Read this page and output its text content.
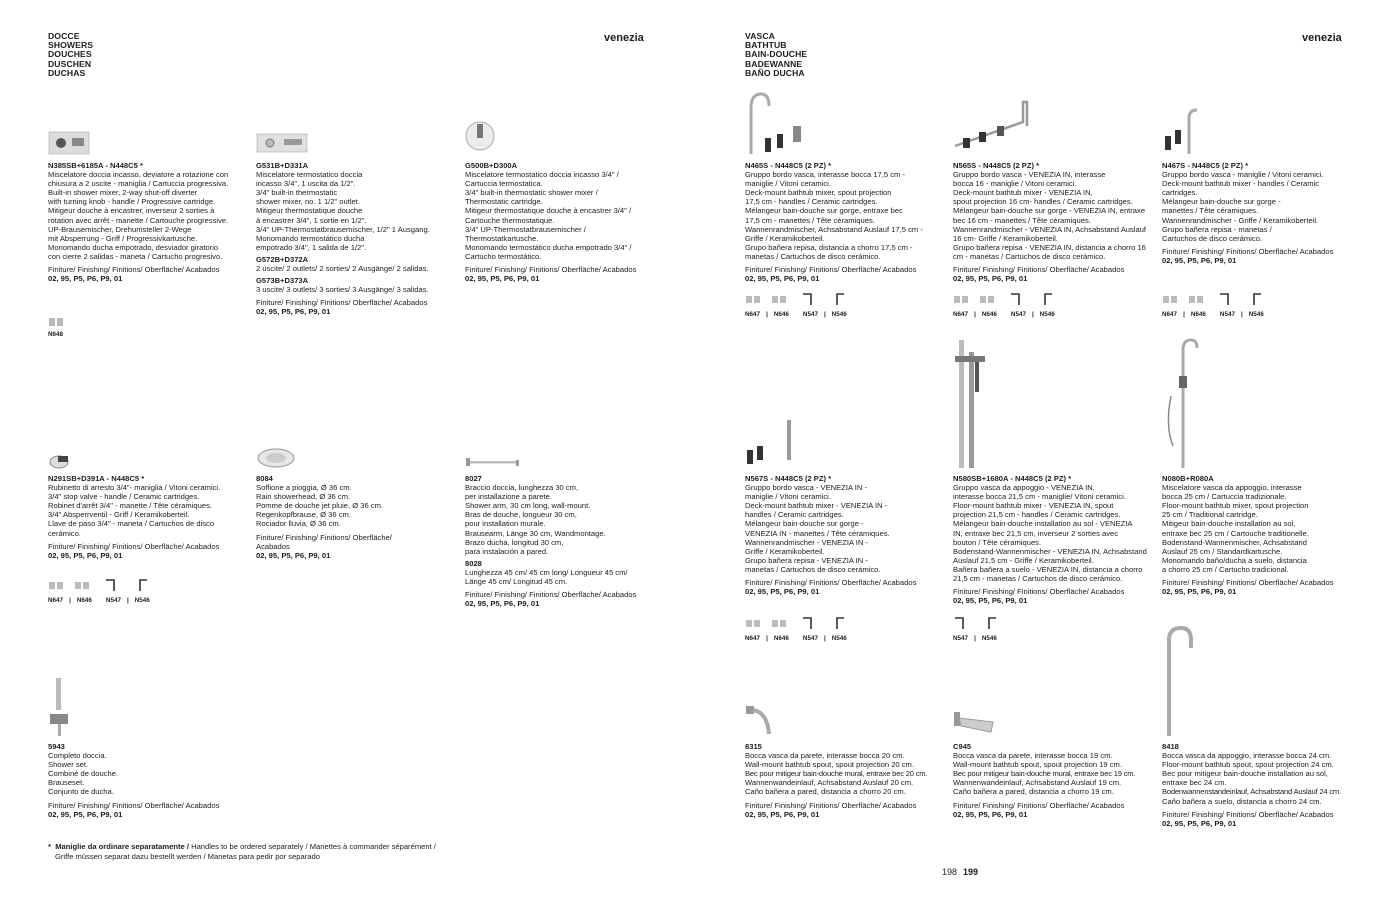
DOCCE
SHOWERS
DOUCHES
DUSCHEN
DUCHAS
venezia
N648
N385SB+6185A - N448C5 *
Miscelatore doccia incasso, deviatore a rotazione con
chiusura a 2 uscite - maniglia / Cartuccia progressiva.
Built-in shower mixer, 2-way shut-off diverter
with turning knob - handle / Progressive cartridge.
Mitigeur douche à encastrer, inverseur 2 sorties à
rotation avec arrêt - manette / Cartouche progressive.
UP-Brausemischer, Drehumsteller 2-Wege
mit Absperrung - Griff / Progressivkartusche.
Monomando ducha empotrado, desviador giratorio
con cierre 2 salidas - maneta / Cartucho progresivo.
Finiture/ Finishing/ Finitions/ Oberfläche/ Acabados
02, 95, P5, P6, P9, 01
G531B+D331A
Miscelatore termostatico doccia
incasso 3/4", 1 uscita da 1/2".
3/4" built-in thermostatic
shower mixer, no. 1 1/2" outlet.
Mitigeur thermostatique douche
à encastrer 3/4", 1 sortie en 1/2".
3/4" UP-Thermostatbrausemischer, 1/2" 1 Ausgang.
Monomando termostático ducha
empotrado 3/4", 1 salida de 1/2".
G572B+D372A
2 uscite/ 2 outlets/ 2 sorties/ 2 Ausgänge/ 2 salidas.
G573B+D373A
3 uscite/ 3 outlets/ 3 sorties/ 3 Ausgänge/ 3 salidas.
Finiture/ Finishing/ Finitions/ Oberfläche/ Acabados
02, 95, P5, P6, P9, 01
G500B+D300A
Miscelatore termostatico doccia incasso 3/4" /
Cartuccia termostatica.
3/4" built-in thermostatic shower mixer /
Thermostatic cartridge.
Mitigeur thermostatique douche à encastrer 3/4" /
Cartouche thermostatique.
3/4" UP-Thermostatbrausemischer /
Thermostatkartusche.
Monomando termostático ducha empotrado 3/4" /
Cartucho termostático.
Finiture/ Finishing/ Finitions/ Oberfläche/ Acabados
02, 95, P5, P6, P9, 01
N291SB+D391A - N448C5 *
Rubinetto di arresto 3/4"- maniglia / Vitoni ceramici.
3/4" stop valve - handle / Ceramic cartridges.
Robinet d'arrêt 3/4" - manette / Tête céramiques.
3/4" Absperrventil - Griff / Keramikoberteil.
Llave de paso 3/4" - maneta / Cartuchos de disco
cerámico.
Finiture/ Finishing/ Finitions/ Oberfläche/ Acabados
02, 95, P5, P6, P9, 01
8084
Soffione a pioggia, Ø 36 cm.
Rain showerhead, Ø 36 cm.
Pomme de douche jet pluie, Ø 36 cm.
Regenkopfbrause, Ø 36 cm.
Rociador lluvia, Ø 36 cm.
Finiture/ Finishing/ Finitions/ Oberfläche/ Acabados
02, 95, P5, P6, P9, 01
8027
Braccio doccia, lunghezza 30 cm,
per installazione a parete.
Shower arm, 30 cm long, wall-mount.
Bras de douche, longueur 30 cm,
pour installation murale.
Brausearm, Länge 30 cm, Wandmontage.
Brazo ducha, longitud 30 cm,
para instalación a pared.
8028
Lunghezza 45 cm/ 45 cm long/ Longueur 45 cm/
Länge 45 cm/ Longitud 45 cm.
Finiture/ Finishing/ Finitions/ Oberfläche/ Acabados
02, 95, P5, P6, P9, 01
5943
Completo doccia.
Shower set.
Combiné de douche.
Brauseset.
Conjunto de ducha.
Finiture/ Finishing/ Finitions/ Oberfläche/ Acabados
02, 95, P5, P6, P9, 01
N647 | N646 N547 | N546
* Maniglie da ordinare separatamente / Handles to be ordered separately / Manettes à commander séparément /
Griffe müssen separat dazu bestellt werden / Manetas para pedir por separado
198
VASCA
BATHTUB
BAIN-DOUCHE
BADEWANNE
BAÑO DUCHA
venezia
N465S - N448C5 (2 PZ) *
Gruppo bordo vasca, interasse bocca 17,5 cm -
maniglie / Vitoni ceramici.
Deck-mount bathtub mixer, spout projection
17,5 cm - handles / Ceramic cartridges.
Mélangeur bain-douche sur gorge, entraxe bec
17,5 cm - manettes / Tête céramiques.
Wannenrandmischer, Achsabstand Auslauf 17,5 cm -
Griffe / Keramikoberteil.
Grupo bañera repisa, distancia a chorro 17,5 cm -
manetas / Cartuchos de disco cerámico.
Finiture/ Finishing/ Finitions/ Oberfläche/ Acabados
02, 95, P5, P6, P9, 01
N565S - N448C5 (2 PZ) *
Gruppo bordo vasca - VENEZIA IN, interasse
bocca 16 - maniglie / Vitoni ceramici.
Deck-mount bathtub mixer - VENEZIA IN,
spout projection 16 cm- handles / Ceramic cartridges.
Mélangeur bain-douche sur gorge - VENEZIA IN, entraxe
bec 16 cm - manettes / Tête céramiques.
Wannenrandmischer - VENEZIA IN, Achsabstand Auslauf
16 cm- Griffe / Keramikoberteil.
Grupo bañera repisa - VENEZIA IN, distancia a chorro 16
cm - manetas / Cartuchos de disco cerámico.
Finiture/ Finishing/ Finitions/ Oberfläche/ Acabados
02, 95, P5, P6, P9, 01
N467S - N448C5 (2 PZ) *
Gruppo bordo vasca - maniglie / Vitoni ceramici.
Deck-mount bathtub mixer - handles / Ceramic
cartridges.
Mélangeur bain-douche sur gorge -
manettes / Tête céramiques.
Wannenrandmischer - Griffe / Keramikoberteil.
Grupo bañera repisa - manetas /
Cartuchos de disco cerámico.
Finiture/ Finishing/ Finitions/ Oberfläche/ Acabados
02, 95, P5, P6, P9, 01
N567S - N448C5 (2 PZ) *
Gruppo bordo vasca - VENEZIA IN -
maniglie / Vitoni ceramici.
Deck-mount bathtub mixer - VENEZIA IN -
handles / Ceramic cartridges.
Mélangeur bain-douche sur gorge -
VENEZIA IN - manettes / Tête céramiques.
Wannenrandmischer - VENEZIA IN -
Griffe / Keramikoberteil.
Grupo bañera repisa - VENEZIA IN -
manetas / Cartuchos de disco cerámico.
Finiture/ Finishing/ Finitions/ Oberfläche/ Acabados
02, 95, P5, P6, P9, 01
N580SB+1680A - N448C5 (2 PZ) *
Gruppo vasca da appoggio - VENEZIA IN,
interasse bocca 21,5 cm - maniglie/ Vitoni ceramici.
Floor-mount bathtub mixer - VENEZIA IN, spout
projection 21,5 cm - handles / Ceramic cartridges.
Mélangeur bain-douche installation au sol - VENEZIA
IN, entraxe bec 21,5 cm, inverseur 2 sorties avec
bouton / Tête céramiques.
Bodenstand-Wannenmischer - VENEZIA IN, Achsabstand
Auslauf 21,5 cm - Griffe / Keramikoberteil.
Bañera bañera a suelo - VENEZIA IN, distancia a chorro
21,5 cm - manetas / Cartuchos de disco cerámico.
Finiture/ Finishing/ Finitions/ Oberfläche/ Acabados
02, 95, P5, P6, P9, 01
N080B+R080A
Miscelatore vasca da appoggio, interasse
bocca 25 cm / Cartuccia tradizionale.
Floor-mount bathtub mixer, spout projection
25 cm / Traditional cartridge.
Mitigeur bain-douche installation au sol,
entraxe bec 25 cm / Cartouche traditionelle.
Bodenstand-Wannenmischer, Achsabstand
Auslauf 25 cm / Standardkartusche.
Monomando baño/ducha a suelo, distancia
a chorro 25 cm / Cartucho tradicional.
Finiture/ Finishing/ Finitions/ Oberfläche/ Acabados
02, 95, P5, P6, P9, 01
8315
Bocca vasca da parete, interasse bocca 20 cm.
Wall-mount bathtub spout, spout projection 20 cm.
Bec pour mitigeur bain-douche mural, entraxe bec 20 cm.
Wannenwandeinlauf, Achsabstand Auslauf 20 cm.
Caño bañera a pared, distancia a chorro 20 cm.
Finiture/ Finishing/ Finitions/ Oberfläche/ Acabados
02, 95, P5, P6, P9, 01
C945
Bocca vasca da parete, interasse bocca 19 cm.
Wall-mount bathtub spout, spout projection 19 cm.
Bec pour mitigeur bain-douche mural, entraxe bec 19 cm.
Wannenwandeinlauf, Achsabstand Auslauf 19 cm.
Caño bañera a pared, distancia a chorro 19 cm.
Finiture/ Finishing/ Finitions/ Oberfläche/ Acabados
02, 95, P5, P6, P9, 01
8418
Bocca vasca da appoggio, interasse bocca 24 cm.
Floor-mount bathtub spout, spout projection 24 cm.
Bec pour mitigeur bain-douche installation au sol,
entraxe bec 24 cm.
Bodenwannenstandeinlauf, Achsabstand Auslauf 24 cm.
Caño bañera a suelo, distancia a chorro 24 cm.
Finiture/ Finishing/ Finitions/ Oberfläche/ Acabados
02, 95, P5, P6, P9, 01
N647 | N646 N547 | N546	N647 | N646 N547 | N546	N647 | N646 N547 | N546
N647 | N646 N547 | N546	N547 | N546
199
